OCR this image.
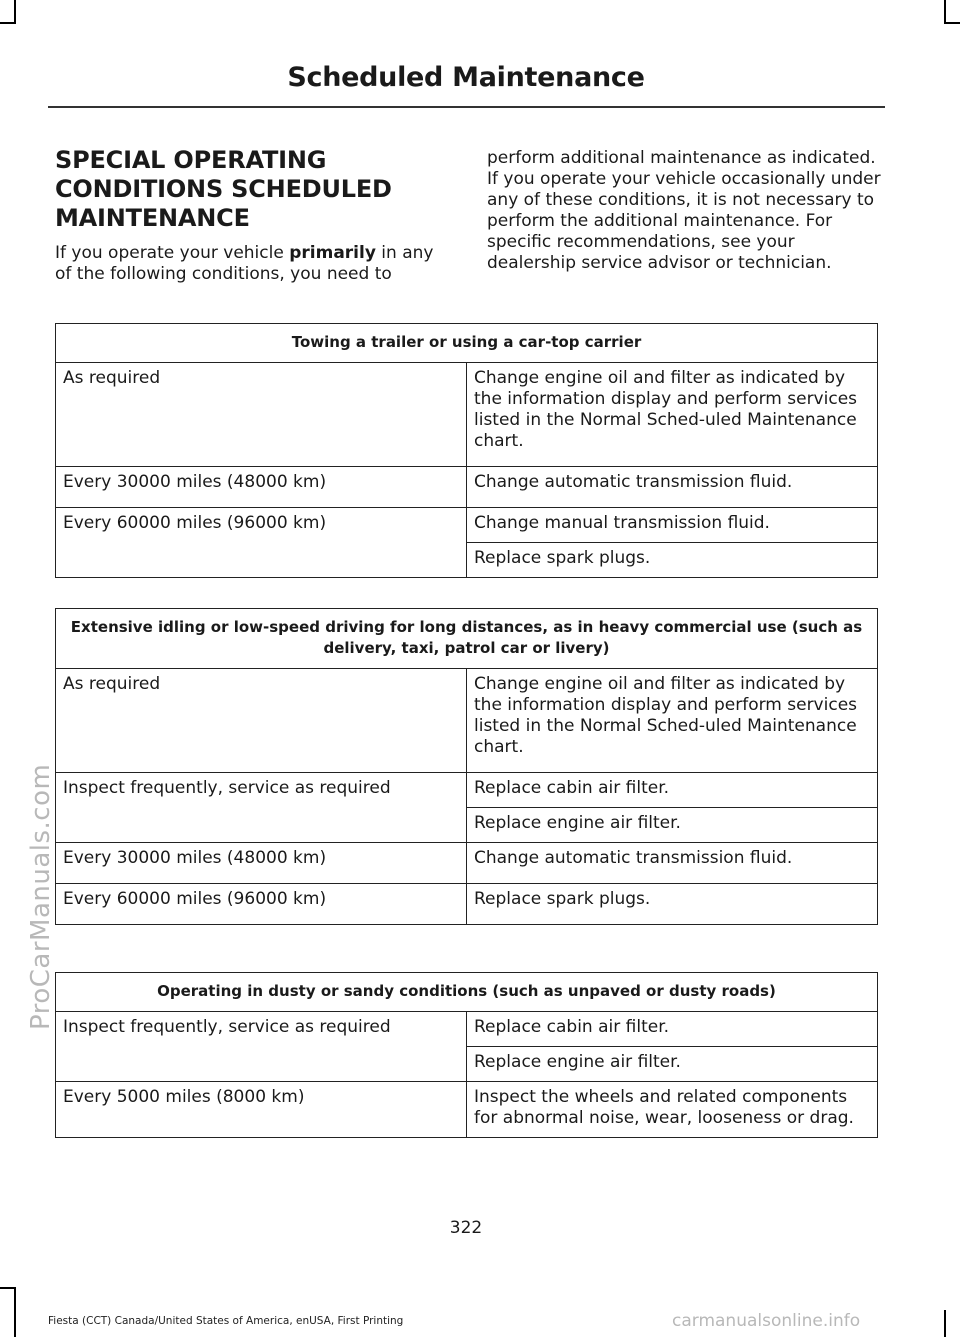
Scheduled Maintenance
ProCarManuals.com
SPECIAL OPERATING
CONDITIONS SCHEDULED
MAINTENANCE

If you operate your vehicle primarily in any of the following conditions, you need to

perform additional maintenance as indicated. If you operate your vehicle occasionally under any of these conditions, it is not necessary to perform the additional maintenance. For specific recommendations, see your dealership service advisor or technician.

Towing a trailer or using a car-top carrier	
As required	Change engine oil and filter as indicated by the information display and perform services listed in the Normal Sched-uled Maintenance chart.
Every 30000 miles (48000 km)	Change automatic transmission fluid.
Every 60000 miles (96000 km)	Change manual transmission fluid.
	Replace spark plugs.
Extensive idling or low-speed driving for long distances, as in heavy commercial use (such as delivery, taxi, patrol car or livery)	
As required	Change engine oil and filter as indicated by the information display and perform services listed in the Normal Sched-uled Maintenance chart.
Inspect frequently, service as required	Replace cabin air filter.
	Replace engine air filter.
Every 30000 miles (48000 km)	Change automatic transmission fluid.
Every 60000 miles (96000 km)	Replace spark plugs.
Operating in dusty or sandy conditions (such as unpaved or dusty roads)	
Inspect frequently, service as required	Replace cabin air filter.
	Replace engine air filter.
Every 5000 miles (8000 km)	Inspect the wheels and related components for abnormal noise, wear, looseness or drag.
322
Fiesta (CCT) Canada/United States of America, enUSA, First Printing	carmanualsonline.info
